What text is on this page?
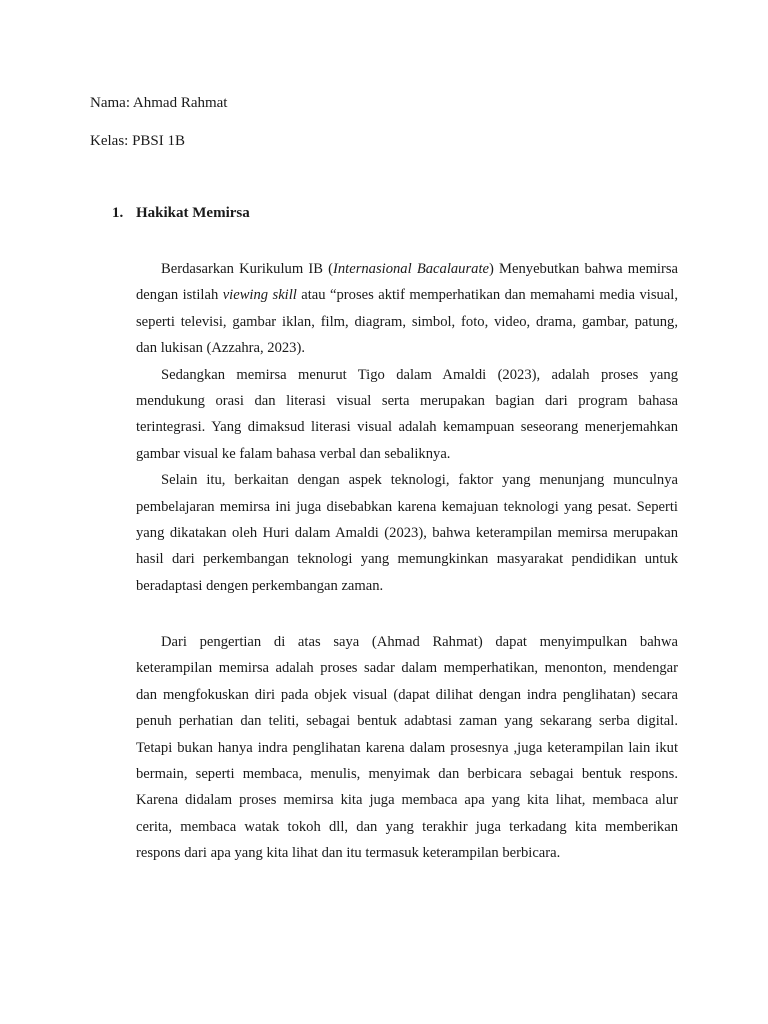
Nama: Ahmad Rahmat
Kelas: PBSI 1B
1. Hakikat Memirsa
Berdasarkan Kurikulum IB (Internasional Bacalaurate) Menyebutkan bahwa memirsa
dengan istilah viewing skill atau “proses aktif memperhatikan dan memahami media visual,
seperti televisi, gambar iklan, film, diagram, simbol, foto, video, drama, gambar, patung,
dan lukisan (Azzahra, 2023).
Sedangkan memirsa menurut Tigo dalam Amaldi (2023), adalah proses yang
mendukung orasi dan literasi visual serta merupakan bagian dari program bahasa
terintegrasi. Yang dimaksud literasi visual adalah kemampuan seseorang menerjemahkan
gambar visual ke falam bahasa verbal dan sebaliknya.
Selain itu, berkaitan dengan aspek teknologi, faktor yang menunjang munculnya
pembelajaran memirsa ini juga disebabkan karena kemajuan teknologi yang pesat. Seperti
yang dikatakan oleh Huri dalam Amaldi (2023), bahwa keterampilan memirsa merupakan
hasil dari perkembangan teknologi yang memungkinkan masyarakat pendidikan untuk
beradaptasi dengen perkembangan zaman.
Dari pengertian di atas saya (Ahmad Rahmat) dapat menyimpulkan bahwa
keterampilan memirsa adalah proses sadar dalam memperhatikan, menonton, mendengar
dan mengfokuskan diri pada objek visual (dapat dilihat dengan indra penglihatan) secara
penuh perhatian dan teliti, sebagai bentuk adabtasi zaman yang sekarang serba digital.
Tetapi bukan hanya indra penglihatan karena dalam prosesnya ,juga keterampilan lain ikut
bermain, seperti membaca, menulis, menyimak dan berbicara sebagai bentuk respons.
Karena didalam proses memirsa kita juga membaca apa yang kita lihat, membaca alur
cerita, membaca watak tokoh dll, dan yang terakhir juga terkadang kita memberikan
respons dari apa yang kita lihat dan itu termasuk keterampilan berbicara.
